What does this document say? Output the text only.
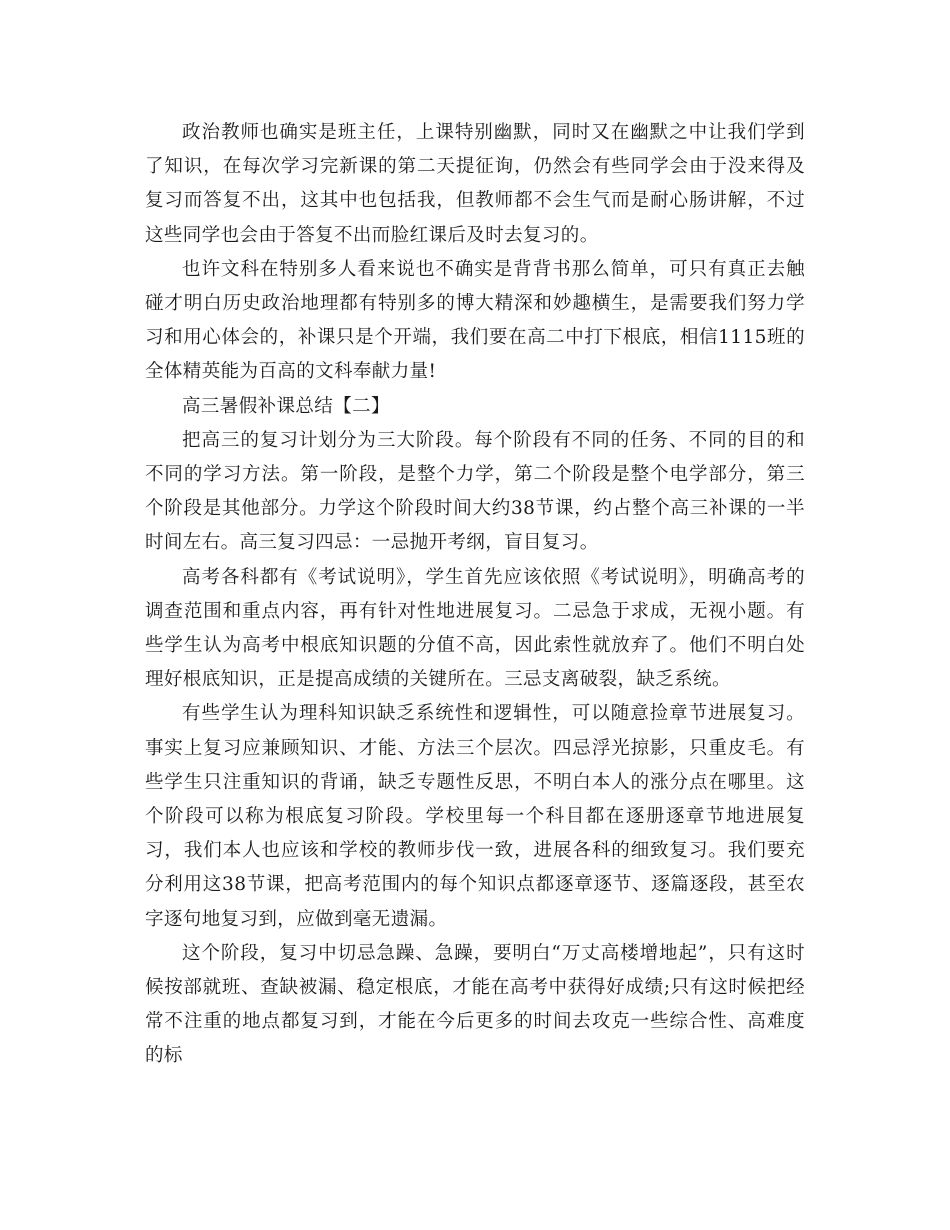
政治教师也确实是班主任，上课特别幽默，同时又在幽默之中让我们学到了知识，在每次学习完新课的第二天提征询，仍然会有些同学会由于没来得及复习而答复不出，这其中也包括我，但教师都不会生气而是耐心肠讲解，不过这些同学也会由于答复不出而脸红课后及时去复习的。

也许文科在特别多人看来说也不确实是背背书那么简单，可只有真正去触碰才明白历史政治地理都有特别多的博大精深和妙趣横生，是需要我们努力学习和用心体会的，补课只是个开端，我们要在高二中打下根底，相信1115班的全体精英能为百高的文科奉献力量!

高三暑假补课总结【二】

把高三的复习计划分为三大阶段。每个阶段有不同的任务、不同的目的和不同的学习方法。第一阶段，是整个力学，第二个阶段是整个电学部分，第三个阶段是其他部分。力学这个阶段时间大约38节课，约占整个高三补课的一半时间左右。高三复习四忌：一忌抛开考纲，盲目复习。

高考各科都有《考试说明》，学生首先应该依照《考试说明》，明确高考的调查范围和重点内容，再有针对性地进展复习。二忌急于求成，无视小题。有些学生认为高考中根底知识题的分值不高，因此索性就放弃了。他们不明白处理好根底知识，正是提高成绩的关键所在。三忌支离破裂，缺乏系统。

有些学生认为理科知识缺乏系统性和逻辑性，可以随意捡章节进展复习。事实上复习应兼顾知识、才能、方法三个层次。四忌浮光掠影，只重皮毛。有些学生只注重知识的背诵，缺乏专题性反思，不明白本人的涨分点在哪里。这个阶段可以称为根底复习阶段。学校里每一个科目都在逐册逐章节地进展复习，我们本人也应该和学校的教师步伐一致，进展各科的细致复习。我们要充分利用这38节课，把高考范围内的每个知识点都逐章逐节、逐篇逐段，甚至农字逐句地复习到，应做到毫无遗漏。

这个阶段，复习中切忌急躁、急躁，要明白“万丈高楼增地起”，只有这时候按部就班、查缺被漏、稳定根底，才能在高考中获得好成绩;只有这时候把经常不注重的地点都复习到，才能在今后更多的时间去攻克一些综合性、高难度的标
